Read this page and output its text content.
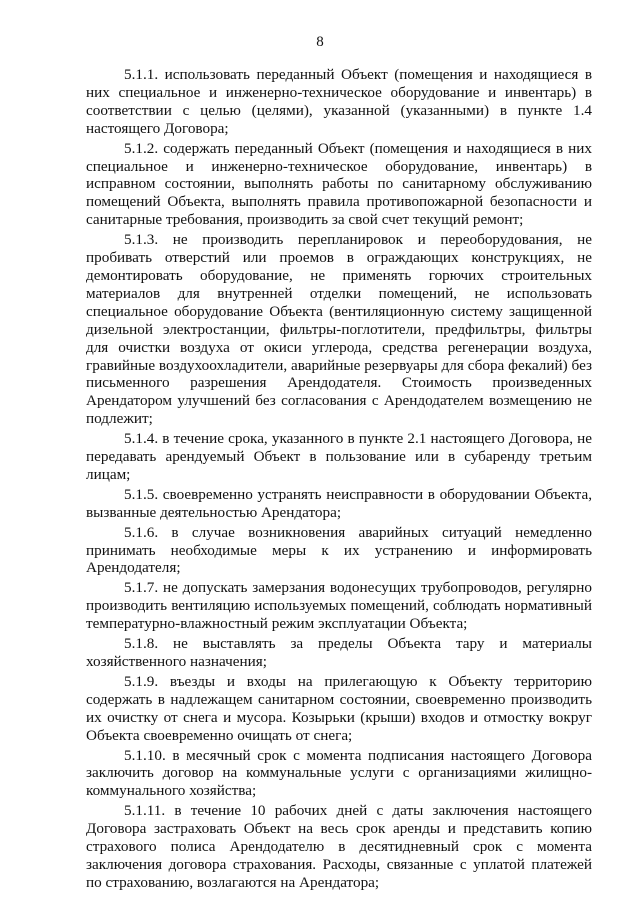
8

5.1.1. использовать переданный Объект (помещения и находящиеся в них специальное и инженерно-техническое оборудование и инвентарь) в соответствии с целью (целями), указанной (указанными) в пункте 1.4 настоящего Договора;

5.1.2. содержать переданный Объект (помещения и находящиеся в них специальное и инженерно-техническое оборудование, инвентарь) в исправном состоянии, выполнять работы по санитарному обслуживанию помещений Объекта, выполнять правила противопожарной безопасности и санитарные требования, производить за свой счет текущий ремонт;

5.1.3. не производить перепланировок и переоборудования, не пробивать отверстий или проемов в ограждающих конструкциях, не демонтировать оборудование, не применять горючих строительных материалов для внутренней отделки помещений, не использовать специальное оборудование Объекта (вентиляционную систему защищенной дизельной электростанции, фильтры-поглотители, предфильтры, фильтры для очистки воздуха от окиси углерода, средства регенерации воздуха, гравийные воздухоохладители, аварийные резервуары для сбора фекалий) без письменного разрешения Арендодателя. Стоимость произведенных Арендатором улучшений без согласования с Арендодателем возмещению не подлежит;

5.1.4. в течение срока, указанного в пункте 2.1 настоящего Договора, не передавать арендуемый Объект в пользование или в субаренду третьим лицам;

5.1.5. своевременно устранять неисправности в оборудовании Объекта, вызванные деятельностью Арендатора;

5.1.6. в случае возникновения аварийных ситуаций немедленно принимать необходимые меры к их устранению и информировать Арендодателя;

5.1.7. не допускать замерзания водонесущих трубопроводов, регулярно производить вентиляцию используемых помещений, соблюдать нормативный температурно-влажностный режим эксплуатации Объекта;

5.1.8. не выставлять за пределы Объекта тару и материалы хозяйственного назначения;

5.1.9. въезды и входы на прилегающую к Объекту территорию содержать в надлежащем санитарном состоянии, своевременно производить их очистку от снега и мусора. Козырьки (крыши) входов и отмостку вокруг Объекта своевременно очищать от снега;

5.1.10. в месячный срок с момента подписания настоящего Договора заключить договор на коммунальные услуги с организациями жилищно-коммунального хозяйства;

5.1.11. в течение 10 рабочих дней с даты заключения настоящего Договора застраховать Объект на весь срок аренды и представить копию страхового полиса Арендодателю в десятидневный срок с момента заключения договора страхования. Расходы, связанные с уплатой платежей по страхованию, возлагаются на Арендатора;
